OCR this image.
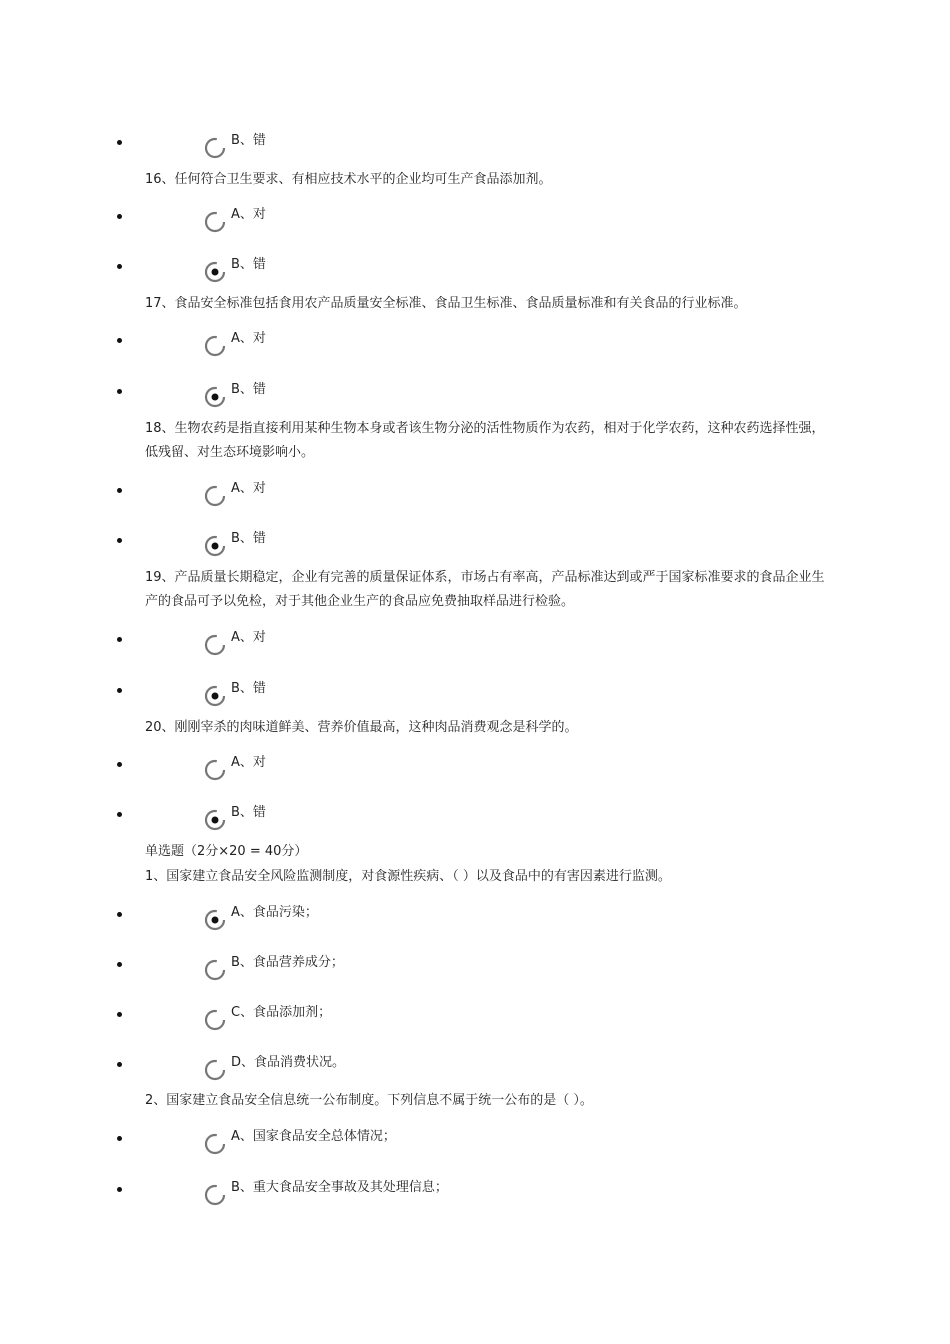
B、错
16、任何符合卫生要求、有相应技术水平的企业均可生产食品添加剂。
A、对
B、错
17、食品安全标准包括食用农产品质量安全标准、食品卫生标准、食品质量标准和有关食品的行业标准。
A、对
B、错
18、生物农药是指直接利用某种生物本身或者该生物分泌的活性物质作为农药，相对于化学农药，这种农药选择性强，低残留、对生态环境影响小。
A、对
B、错
19、产品质量长期稳定，企业有完善的质量保证体系，市场占有率高，产品标准达到或严于国家标准要求的食品企业生产的食品可予以免检，对于其他企业生产的食品应免费抽取样品进行检验。
A、对
B、错
20、刚刚宰杀的肉味道鲜美、营养价值最高，这种肉品消费观念是科学的。
A、对
B、错
单选题（2分×20 = 40分）
1、国家建立食品安全风险监测制度，对食源性疾病、（ ）以及食品中的有害因素进行监测。
A、食品污染；
B、食品营养成分；
C、食品添加剂；
D、食品消费状况。
2、国家建立食品安全信息统一公布制度。下列信息不属于统一公布的是（ ）。
A、国家食品安全总体情况；
B、重大食品安全事故及其处理信息；
